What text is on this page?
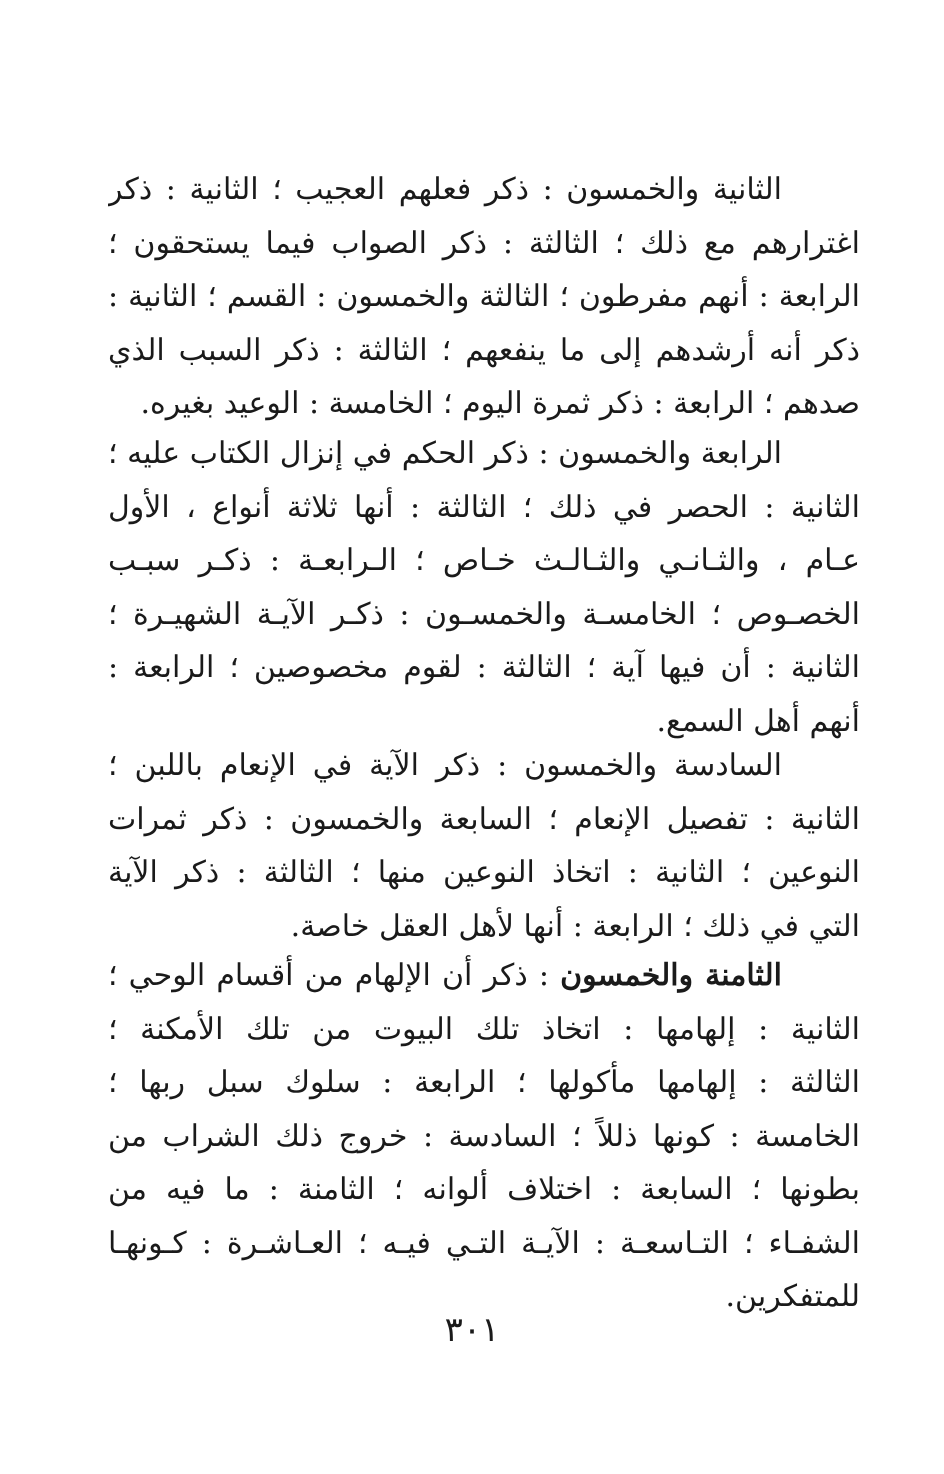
الثانية والخمسون : ذكر فعلهم العجيب ؛ الثانية : ذكر
اغترارهم مع ذلك ؛ الثالثة : ذكر الصواب فيما يستحقون ؛
الرابعة : أنهم مفرطون ؛ الثالثة والخمسون : القسم ؛ الثانية :
ذكر أنه أرشدهم إلى ما ينفعهم ؛ الثالثة : ذكر السبب الذي
صدهم ؛ الرابعة : ذكر ثمرة اليوم ؛ الخامسة : الوعيد بغيره.

الرابعة والخمسون : ذكر الحكم في إنزال الكتاب عليه ؛
الثانية : الحصر في ذلك ؛ الثالثة : أنها ثلاثة أنواع ، الأول
عـام ، والثـانـي والثـالـث خـاص ؛ الـرابعـة : ذكـر سبـب
الخصـوص ؛ الخامسـة والخمسـون : ذكـر الآيـة الشهيـرة ؛
الثانية : أن فيها آية ؛ الثالثة : لقوم مخصوصين ؛ الرابعة :
أنهم أهل السمع.

السادسة والخمسون : ذكر الآية في الإنعام باللبن ؛
الثانية : تفصيل الإنعام ؛ السابعة والخمسون : ذكر ثمرات
النوعين ؛ الثانية : اتخاذ النوعين منها ؛ الثالثة : ذكر الآية
التي في ذلك ؛ الرابعة : أنها لأهل العقل خاصة.

الثامنة والخمسون : ذكر أن الإلهام من أقسام الوحي ؛
الثانية : إلهامها : اتخاذ تلك البيوت من تلك الأمكنة ؛
الثالثة : إلهامها مأكولها ؛ الرابعة : سلوك سبل ربها ؛
الخامسة : كونها ذللاً ؛ السادسة : خروج ذلك الشراب من
بطونها ؛ السابعة : اختلاف ألوانه ؛ الثامنة : ما فيه من
الشفـاء ؛ التـاسعـة : الآيـة التـي فيـه ؛ العـاشـرة : كـونهـا
للمتفكرين.

٣٠١
